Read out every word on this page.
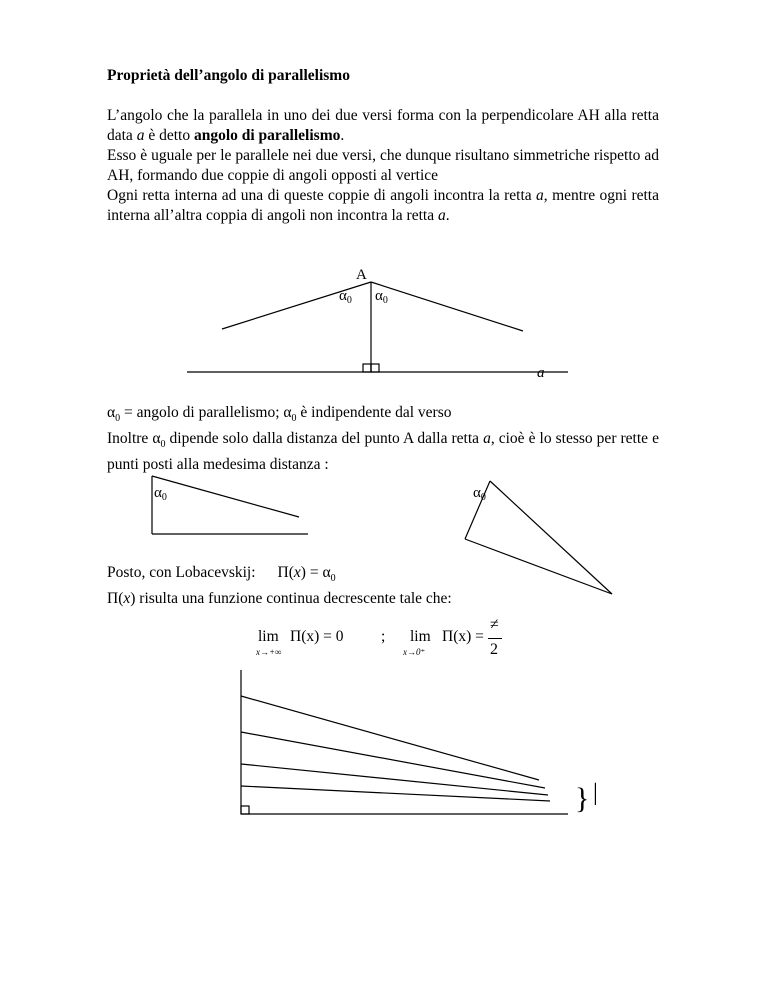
Proprietà dell’angolo di parallelismo

L’angolo che la parallela in uno dei due versi forma con la perpendicolare AH alla retta data a è detto angolo di parallelismo.

Esso è uguale per le parallele nei due versi, che dunque risultano simmetriche rispetto ad AH, formando due coppie di angoli opposti al vertice

Ogni retta interna ad una di queste coppie di angoli incontra la retta a, mentre ogni retta interna all’altra coppia di angoli non incontra la retta a.

A
$\alpha_0$ $\alpha_0$
a
$\alpha_0$	$\alpha_0$
} |

$\alpha_0$ = angolo di parallelismo; $\alpha_0$ è indipendente dal verso

Inoltre $\alpha_0$ dipende solo dalla distanza del punto A dalla retta a, cioè è lo stesso per rette e punti posti alla medesima distanza :

Posto, con Lobacevskij: $\Pi(x) = \alpha_0$

Π(x) risulta una funzione continua decrescente tale che:

lim
x→+∞
Π(x) = 0 ; lim
x→0⁺
Π(x) =
≠
2
